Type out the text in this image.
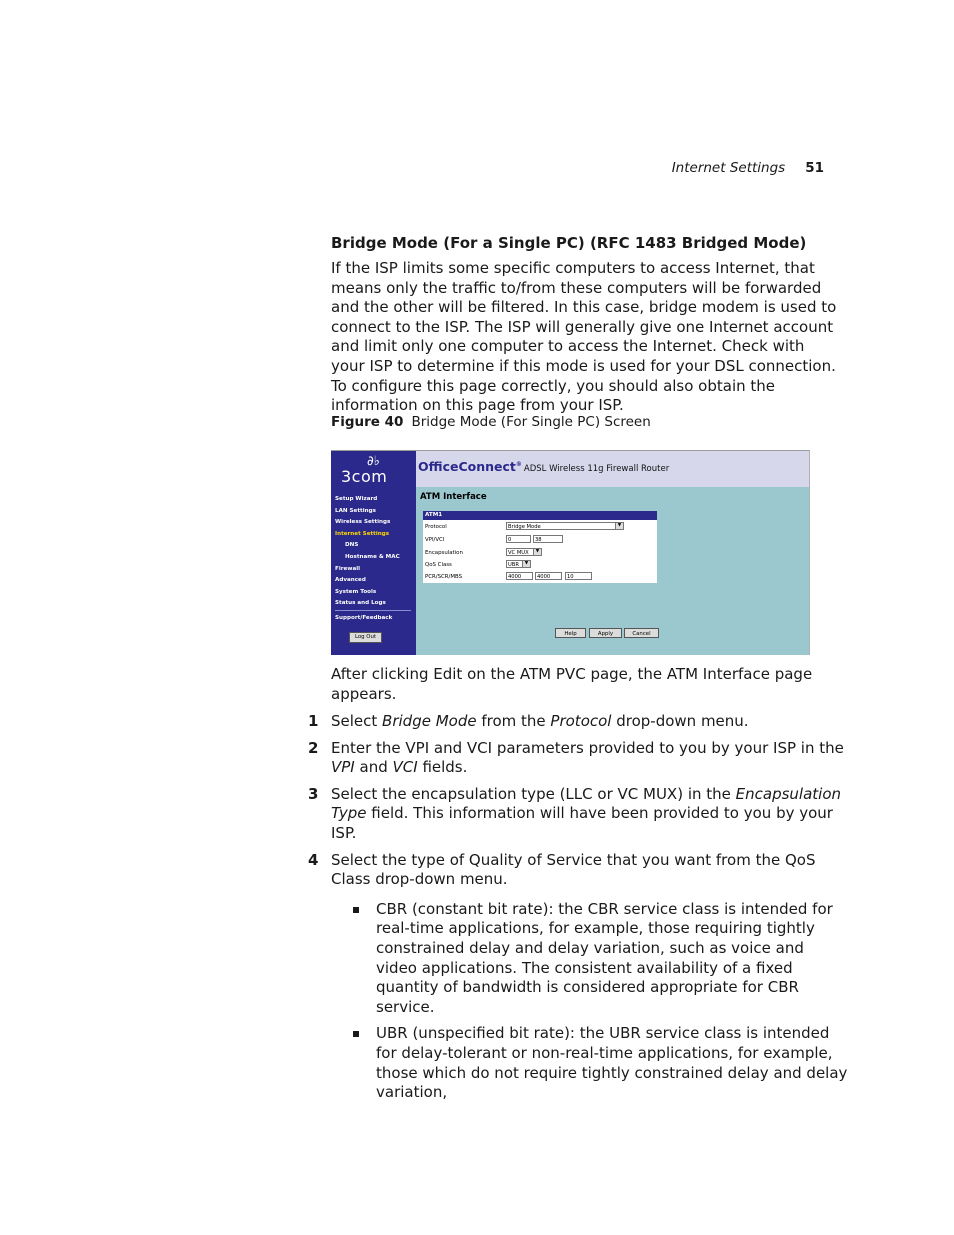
Internet Settings 51
Bridge Mode (For a Single PC) (RFC 1483 Bridged Mode)
If the ISP limits some specific computers to access Internet, that means only the traffic to/from these computers will be forwarded and the other will be filtered. In this case, bridge modem is used to connect to the ISP. The ISP will generally give one Internet account and limit only one computer to access the Internet. Check with your ISP to determine if this mode is used for your DSL connection. To configure this page correctly, you should also obtain the information on this page from your ISP.
Figure 40 Bridge Mode (For Single PC) Screen
∂♭
3com
Setup Wizard
LAN Settings
Wireless Settings
Internet Settings
DNS
Hostname & MAC
Firewall
Advanced
System Tools
Status and Logs
Support/Feedback
Log Out
OfficeConnect® ADSL Wireless 11g Firewall Router
ATM Interface
ATM1
Protocol	Bridge Mode	▼
VPI/VCI	0	38
Encapsulation	VC MUX	▼
QoS Class	UBR	▼
PCR/SCR/MBS	4000	4000	10
Help	Apply	Cancel
After clicking Edit on the ATM PVC page, the ATM Interface page appears.
1 Select Bridge Mode from the Protocol drop-down menu.
2 Enter the VPI and VCI parameters provided to you by your ISP in the VPI and VCI fields.
3 Select the encapsulation type (LLC or VC MUX) in the Encapsulation Type field. This information will have been provided to you by your ISP.
4 Select the type of Quality of Service that you want from the QoS Class drop-down menu.
CBR (constant bit rate): the CBR service class is intended for real-time applications, for example, those requiring tightly constrained delay and delay variation, such as voice and video applications. The consistent availability of a fixed quantity of bandwidth is considered appropriate for CBR service.
UBR (unspecified bit rate): the UBR service class is intended for delay-tolerant or non-real-time applications, for example, those which do not require tightly constrained delay and delay variation,
